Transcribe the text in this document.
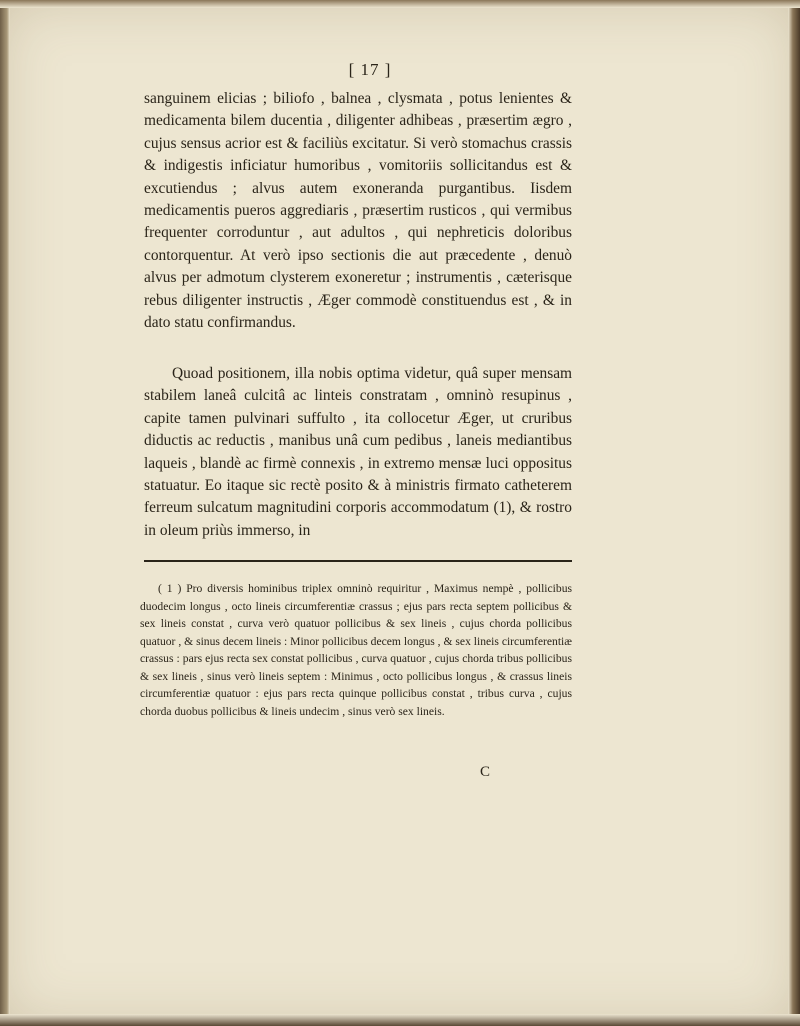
[ 17 ]

sanguinem elicias ; biliofo , balnea , clysmata , potus lenientes & medicamenta bilem ducentia , diligenter adhibeas , præsertim ægro , cujus sensus acrior est & faciliùs excitatur. Si verò stomachus crassis & indigestis inficiatur humoribus , vomitoriis sollicitandus est & excutiendus ; alvus autem exoneranda purgantibus. Iisdem medicamentis pueros aggrediaris , præsertim rusticos , qui vermibus frequenter corroduntur , aut adultos , qui nephreticis doloribus contorquentur. At verò ipso sectionis die aut præcedente , denuò alvus per admotum clysterem exoneretur ; instrumentis , cæterisque rebus diligenter instructis , Æger commodè constituendus est , & in dato statu confirmandus.

Quoad positionem, illa nobis optima videtur, quâ super mensam stabilem laneâ culcitâ ac linteis constratam , omninò resupinus , capite tamen pulvinari suffulto , ita collocetur Æger, ut cruribus diductis ac reductis , manibus unâ cum pedibus , laneis mediantibus laqueis , blandè ac firmè connexis , in extremo mensæ luci oppositus statuatur. Eo itaque sic rectè posito & à ministris firmato catheterem ferreum sulcatum magnitudini corporis accommodatum (1), & rostro in oleum priùs immerso, in

( 1 ) Pro diversis hominibus triplex omninò requiritur , Maximus nempè , pollicibus duodecim longus , octo lineis circumferentiæ crassus ; ejus pars recta septem pollicibus & sex lineis constat , curva verò quatuor pollicibus & sex lineis , cujus chorda pollicibus quatuor , & sinus decem lineis : Minor pollicibus decem longus , & sex lineis circumferentiæ crassus : pars ejus recta sex constat pollicibus , curva quatuor , cujus chorda tribus pollicibus & sex lineis , sinus verò lineis septem : Minimus , octo pollicibus longus , & crassus lineis circumferentiæ quatuor : ejus pars recta quinque pollicibus constat , tribus curva , cujus chorda duobus pollicibus & lineis undecim , sinus verò sex lineis.

C
